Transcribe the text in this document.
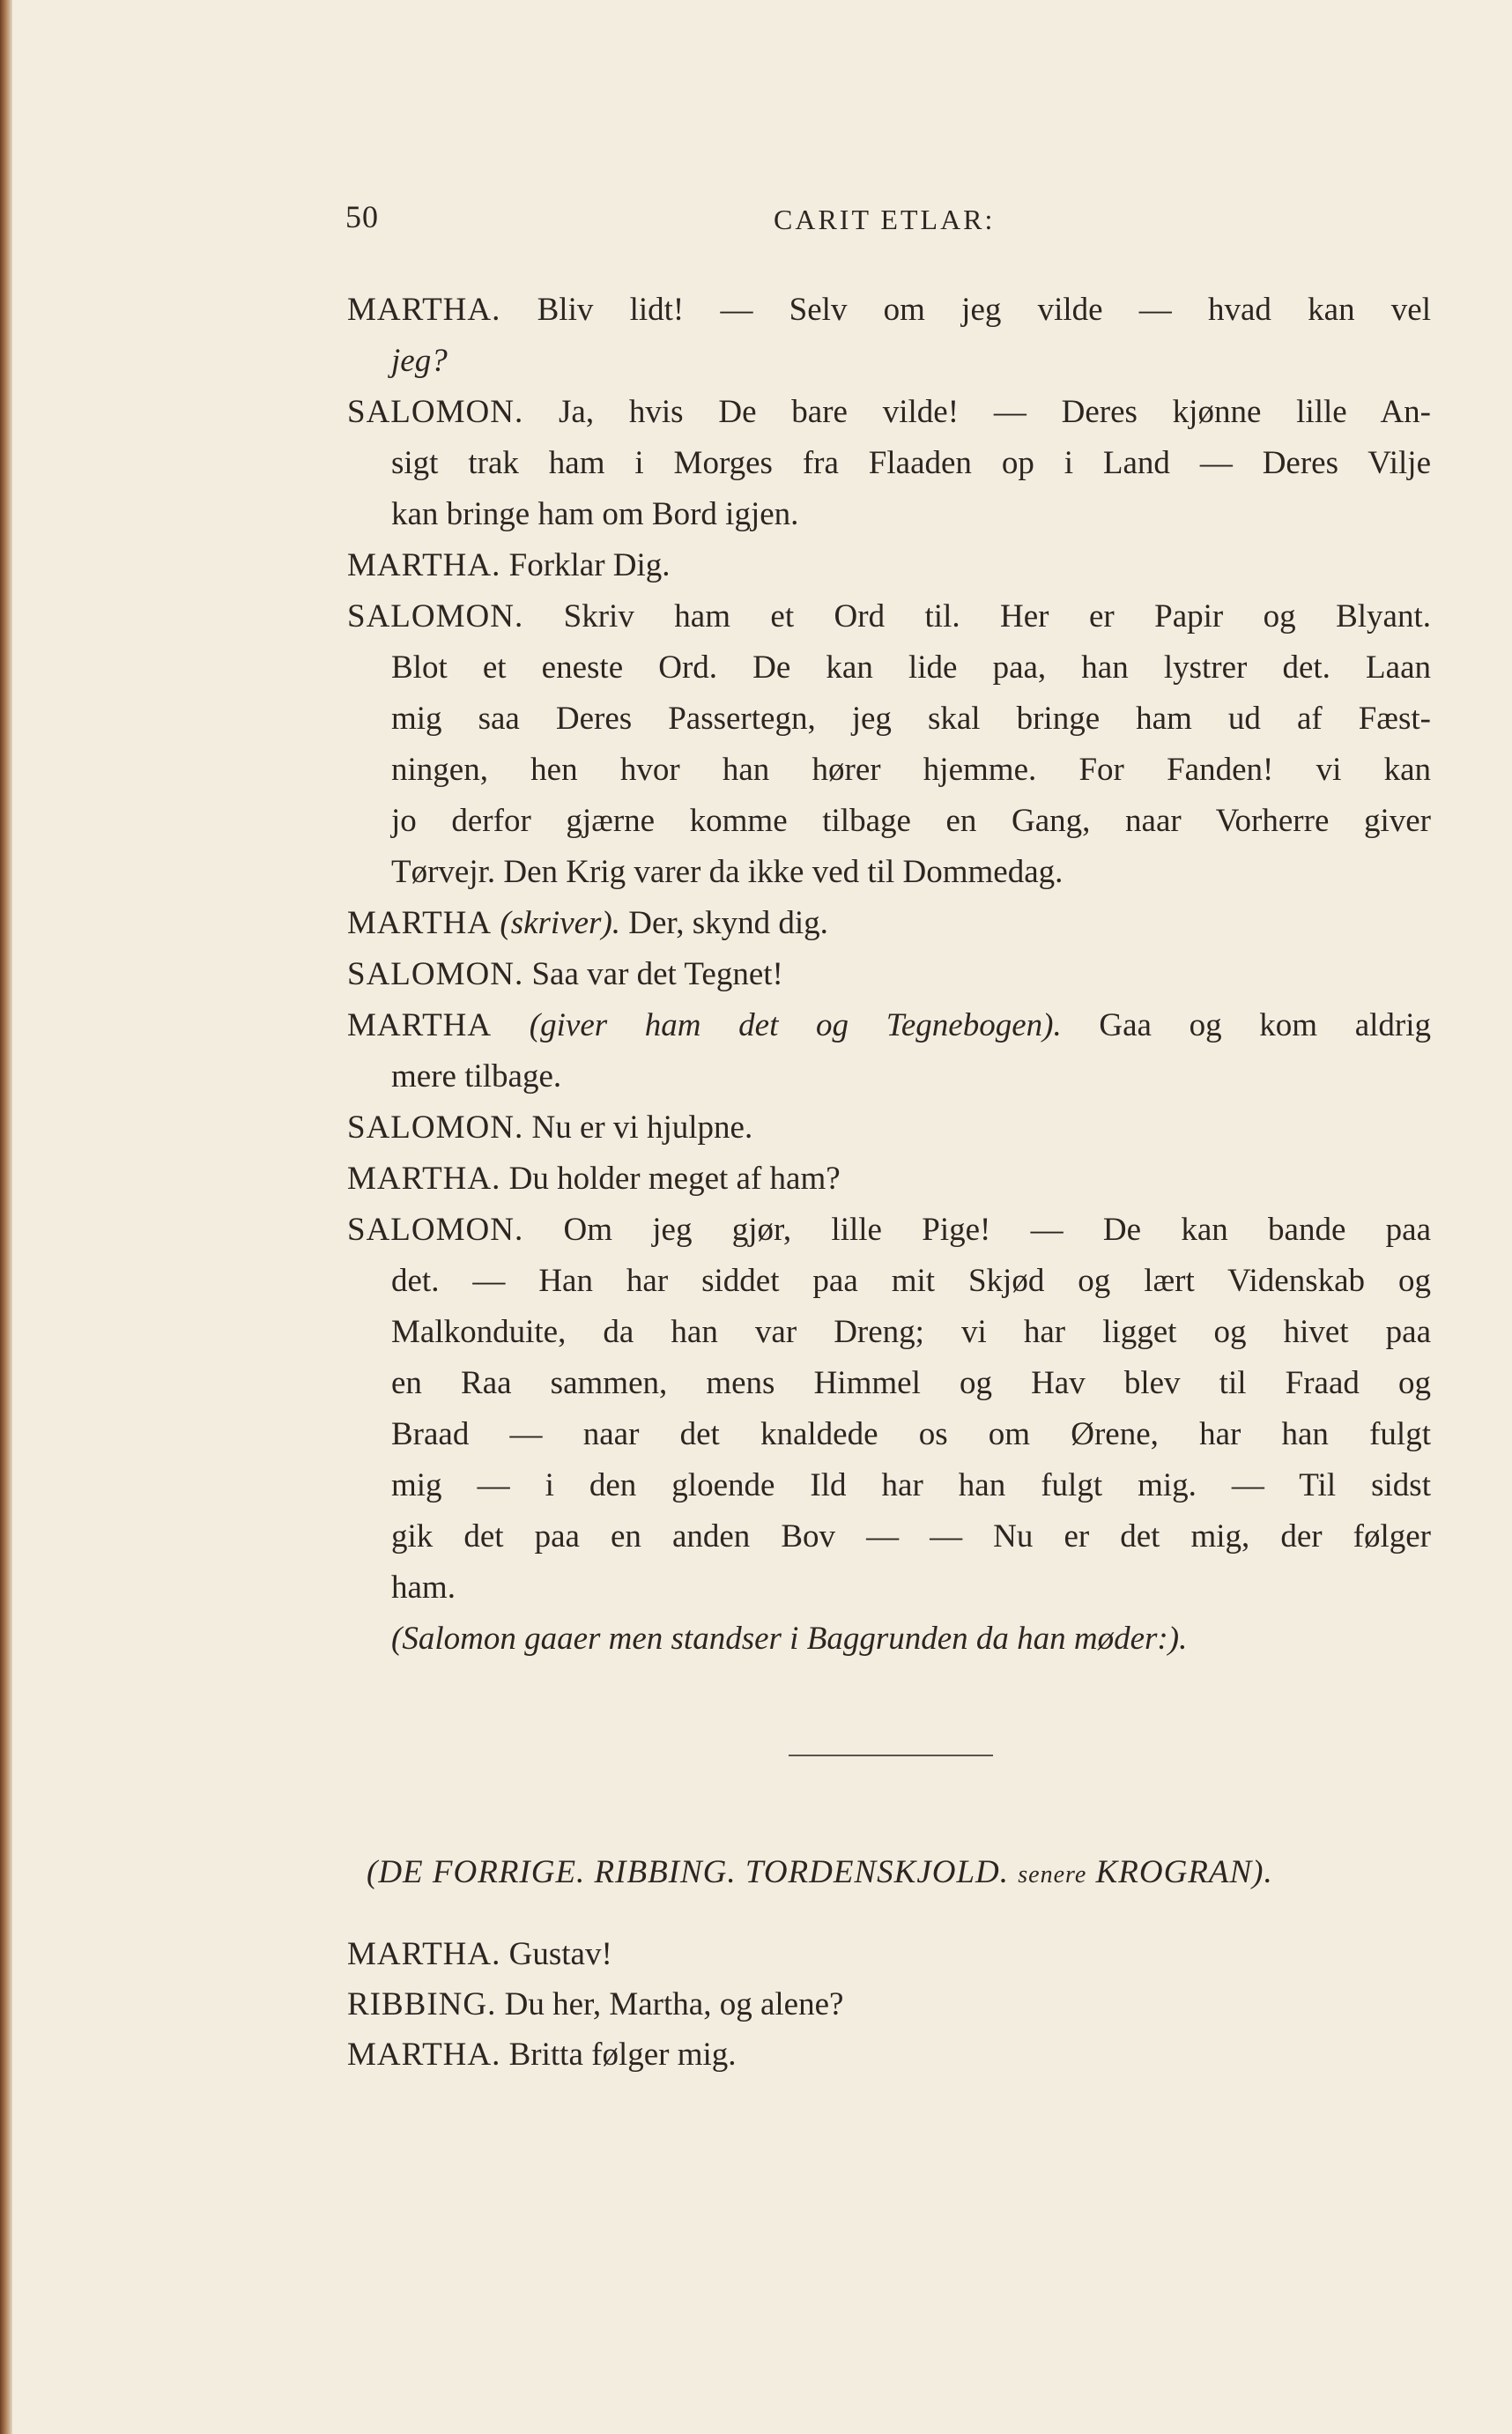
50	CARIT ETLAR:
MARTHA. Bliv lidt! — Selv om jeg vilde — hvad kan vel
jeg?
SALOMON. Ja, hvis De bare vilde! — Deres kjønne lille An-
sigt trak ham i Morges fra Flaaden op i Land — Deres Vilje
kan bringe ham om Bord igjen.
MARTHA. Forklar Dig.
SALOMON. Skriv ham et Ord til. Her er Papir og Blyant.
Blot et eneste Ord. De kan lide paa, han lystrer det. Laan
mig saa Deres Passertegn, jeg skal bringe ham ud af Fæst-
ningen, hen hvor han hører hjemme. For Fanden! vi kan
jo derfor gjærne komme tilbage en Gang, naar Vorherre giver
Tørvejr. Den Krig varer da ikke ved til Dommedag.
MARTHA (skriver). Der, skynd dig.
SALOMON. Saa var det Tegnet!
MARTHA (giver ham det og Tegnebogen). Gaa og kom aldrig
mere tilbage.
SALOMON. Nu er vi hjulpne.
MARTHA. Du holder meget af ham?
SALOMON. Om jeg gjør, lille Pige! — De kan bande paa
det. — Han har siddet paa mit Skjød og lært Videnskab og
Malkonduite, da han var Dreng; vi har ligget og hivet paa
en Raa sammen, mens Himmel og Hav blev til Fraad og
Braad — naar det knaldede os om Ørene, har han fulgt
mig — i den gloende Ild har han fulgt mig. — Til sidst
gik det paa en anden Bov — — Nu er det mig, der følger
ham.
(Salomon gaaer men standser i Baggrunden da han møder:).
(DE FORRIGE. RIBBING. TORDENSKJOLD. senere KROGRAN).
MARTHA. Gustav!
RIBBING. Du her, Martha, og alene?
MARTHA. Britta følger mig.
